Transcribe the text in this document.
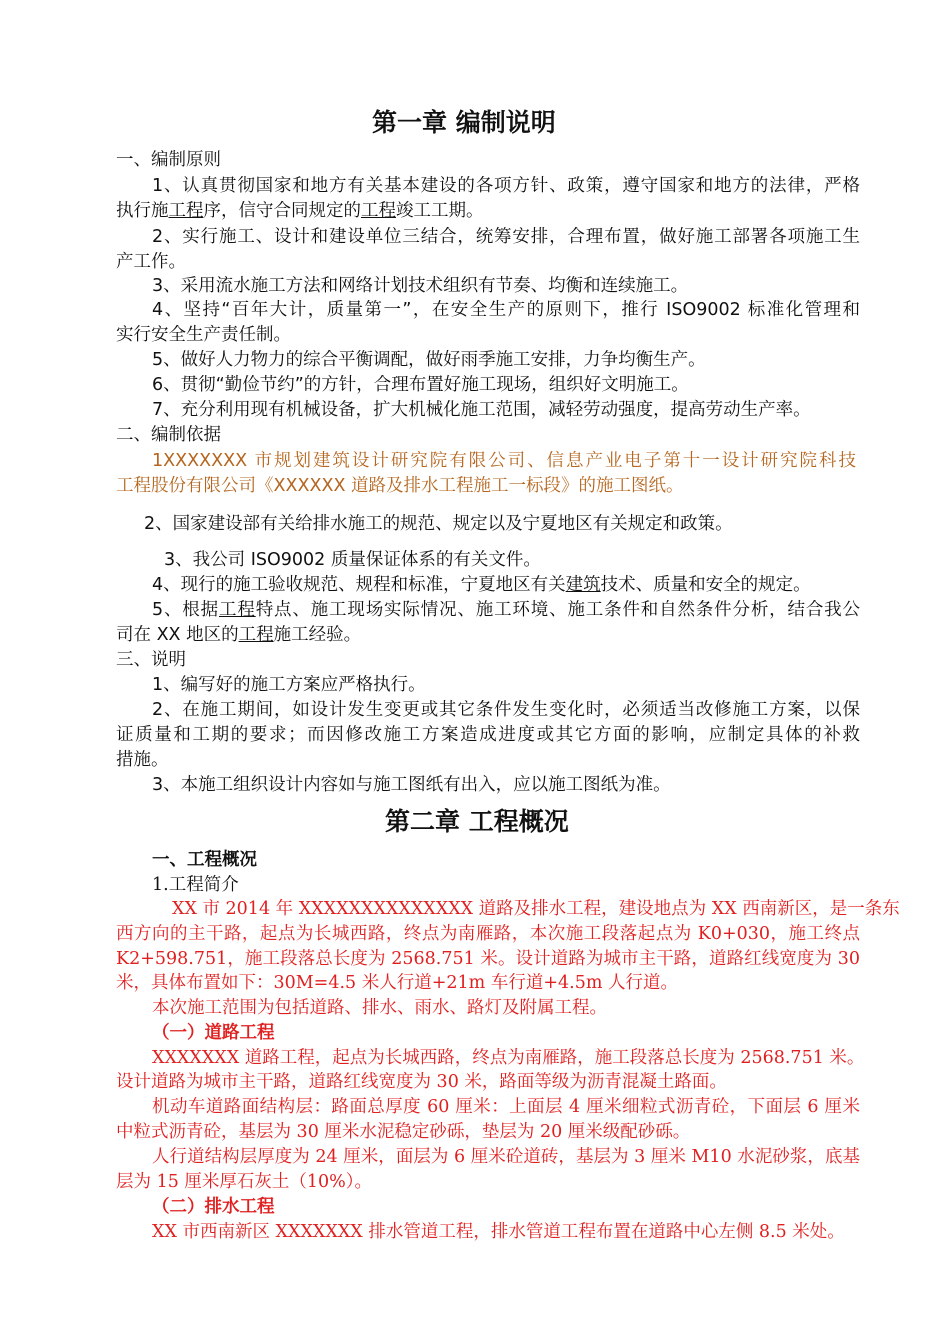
第一章 编制说明
一、编制原则
1、认真贯彻国家和地方有关基本建设的各项方针、政策，遵守国家和地方的法律，严格
执行施工程序，信守合同规定的工程竣工工期。
2、实行施工、设计和建设单位三结合，统筹安排，合理布置，做好施工部署各项施工生
产工作。
3、采用流水施工方法和网络计划技术组织有节奏、均衡和连续施工。
4、坚持“百年大计，质量第一”，在安全生产的原则下，推行 ISO9002 标准化管理和
实行安全生产责任制。
5、做好人力物力的综合平衡调配，做好雨季施工安排，力争均衡生产。
6、贯彻“勤俭节约”的方针，合理布置好施工现场，组织好文明施工。
7、充分利用现有机械设备，扩大机械化施工范围，减轻劳动强度，提高劳动生产率。
二、编制依据
1XXXXXXX 市规划建筑设计研究院有限公司、信息产业电子第十一设计研究院科技
工程股份有限公司《XXXXXX 道路及排水工程施工一标段》的施工图纸。
2、国家建设部有关给排水施工的规范、规定以及宁夏地区有关规定和政策。
3、我公司 ISO9002 质量保证体系的有关文件。
4、现行的施工验收规范、规程和标准，宁夏地区有关建筑技术、质量和安全的规定。
5、根据工程特点、施工现场实际情况、施工环境、施工条件和自然条件分析，结合我公
司在 XX 地区的工程施工经验。
三、说明
1、编写好的施工方案应严格执行。
2、在施工期间，如设计发生变更或其它条件发生变化时，必须适当改修施工方案，以保
证质量和工期的要求；而因修改施工方案造成进度或其它方面的影响，应制定具体的补救
措施。
3、本施工组织设计内容如与施工图纸有出入，应以施工图纸为准。
第二章 工程概况
一、工程概况
1.工程简介
XX 市 2014 年 XXXXXXXXXXXXXX 道路及排水工程，建设地点为 XX 西南新区，是一条东
西方向的主干路，起点为长城西路，终点为南雁路，本次施工段落起点为 K0+030，施工终点
K2+598.751，施工段落总长度为 2568.751 米。设计道路为城市主干路，道路红线宽度为 30
米，具体布置如下：30M=4.5 米人行道+21m 车行道+4.5m 人行道。
本次施工范围为包括道路、排水、雨水、路灯及附属工程。
（一）道路工程
XXXXXXX 道路工程，起点为长城西路，终点为南雁路，施工段落总长度为 2568.751 米。
设计道路为城市主干路，道路红线宽度为 30 米，路面等级为沥青混凝土路面。
机动车道路面结构层：路面总厚度 60 厘米：上面层 4 厘米细粒式沥青砼，下面层 6 厘米
中粒式沥青砼，基层为 30 厘米水泥稳定砂砾，垫层为 20 厘米级配砂砾。
人行道结构层厚度为 24 厘米，面层为 6 厘米砼道砖，基层为 3 厘米 M10 水泥砂浆，底基
层为 15 厘米厚石灰土（10%）。
（二）排水工程
XX 市西南新区 XXXXXXX 排水管道工程，排水管道工程布置在道路中心左侧 8.5 米处。
